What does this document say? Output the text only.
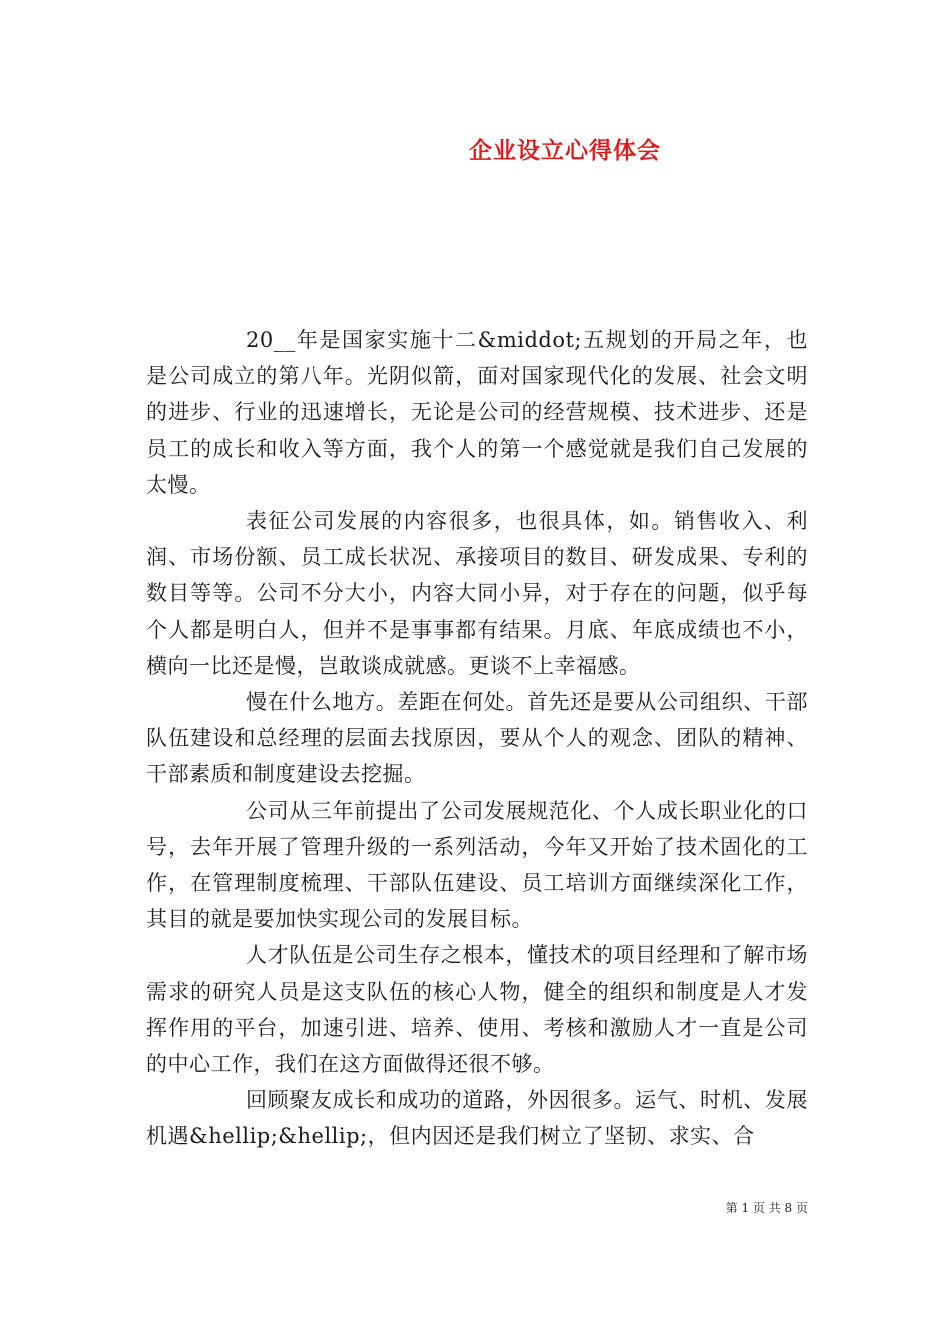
企业设立心得体会

20__年是国家实施十二&middot;五规划的开局之年，也是公司成立的第八年。光阴似箭，面对国家现代化的发展、社会文明的进步、行业的迅速增长，无论是公司的经营规模、技术进步、还是员工的成长和收入等方面，我个人的第一个感觉就是我们自己发展的太慢。

表征公司发展的内容很多，也很具体，如。销售收入、利润、市场份额、员工成长状况、承接项目的数目、研发成果、专利的数目等等。公司不分大小，内容大同小异，对于存在的问题，似乎每个人都是明白人，但并不是事事都有结果。月底、年底成绩也不小，横向一比还是慢，岂敢谈成就感。更谈不上幸福感。

慢在什么地方。差距在何处。首先还是要从公司组织、干部队伍建设和总经理的层面去找原因，要从个人的观念、团队的精神、干部素质和制度建设去挖掘。

公司从三年前提出了公司发展规范化、个人成长职业化的口号，去年开展了管理升级的一系列活动，今年又开始了技术固化的工作，在管理制度梳理、干部队伍建设、员工培训方面继续深化工作，其目的就是要加快实现公司的发展目标。

人才队伍是公司生存之根本，懂技术的项目经理和了解市场需求的研究人员是这支队伍的核心人物，健全的组织和制度是人才发挥作用的平台，加速引进、培养、使用、考核和激励人才一直是公司的中心工作，我们在这方面做得还很不够。

回顾聚友成长和成功的道路，外因很多。运气、时机、发展机遇&hellip;&hellip;，但内因还是我们树立了坚韧、求实、合

第 1 页 共 8 页
